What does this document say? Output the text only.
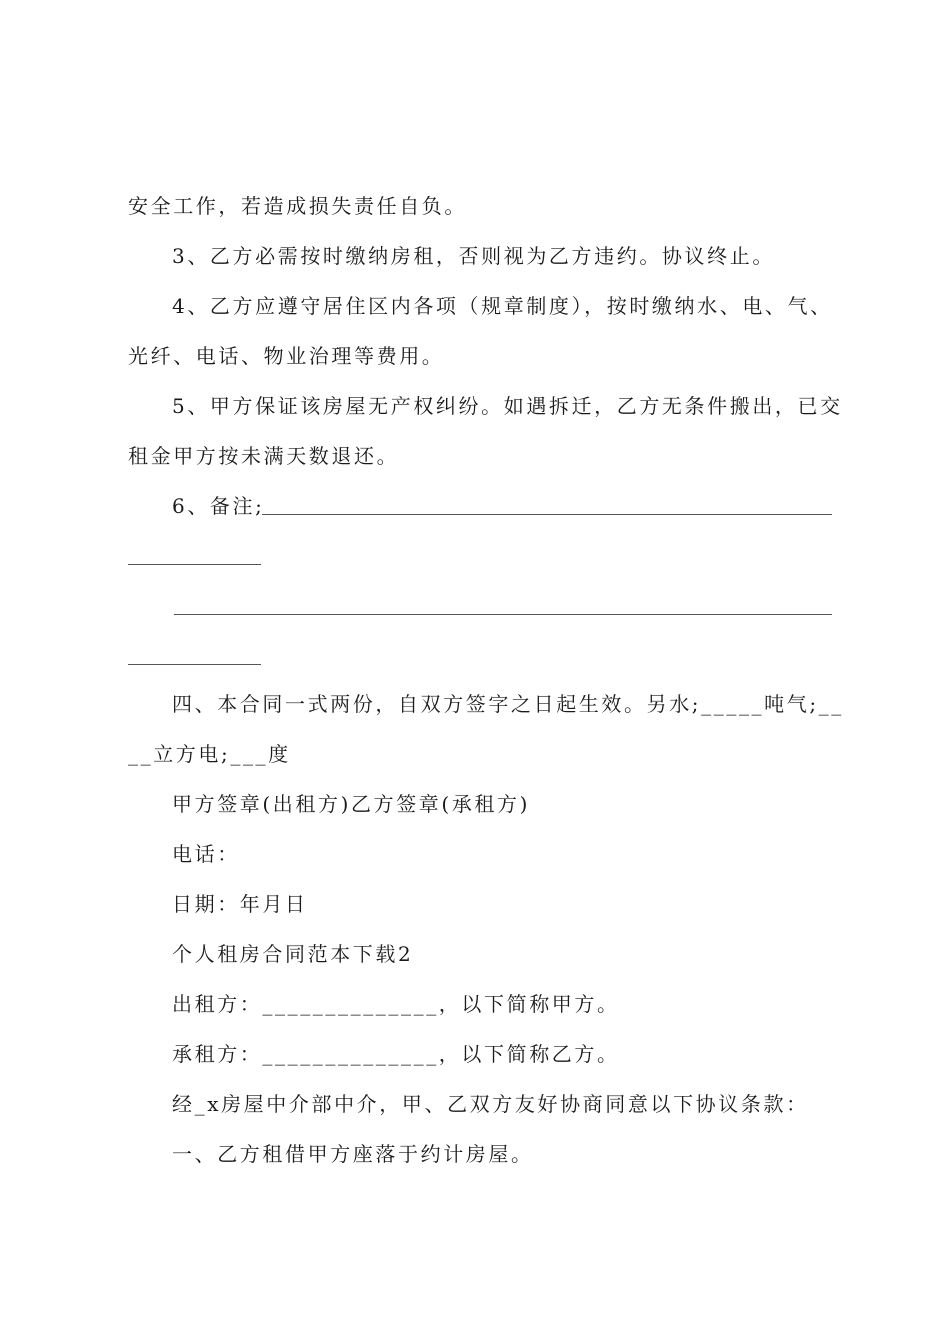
安全工作，若造成损失责任自负。
3、乙方必需按时缴纳房租，否则视为乙方违约。协议终止。
4、乙方应遵守居住区内各项（规章制度），按时缴纳水、电、气、
光纤、电话、物业治理等费用。
5、甲方保证该房屋无产权纠纷。如遇拆迁，乙方无条件搬出，已交
租金甲方按未满天数退还。
6、备注;
四、本合同一式两份，自双方签字之日起生效。另水;_____吨气;__
__立方电;___度
甲方签章(出租方)乙方签章(承租方)
电话：
日期：年月日
个人租房合同范本下载2
出租方：______________，以下简称甲方。
承租方：______________，以下简称乙方。
经_x房屋中介部中介，甲、乙双方友好协商同意以下协议条款：
一、乙方租借甲方座落于约计房屋。
